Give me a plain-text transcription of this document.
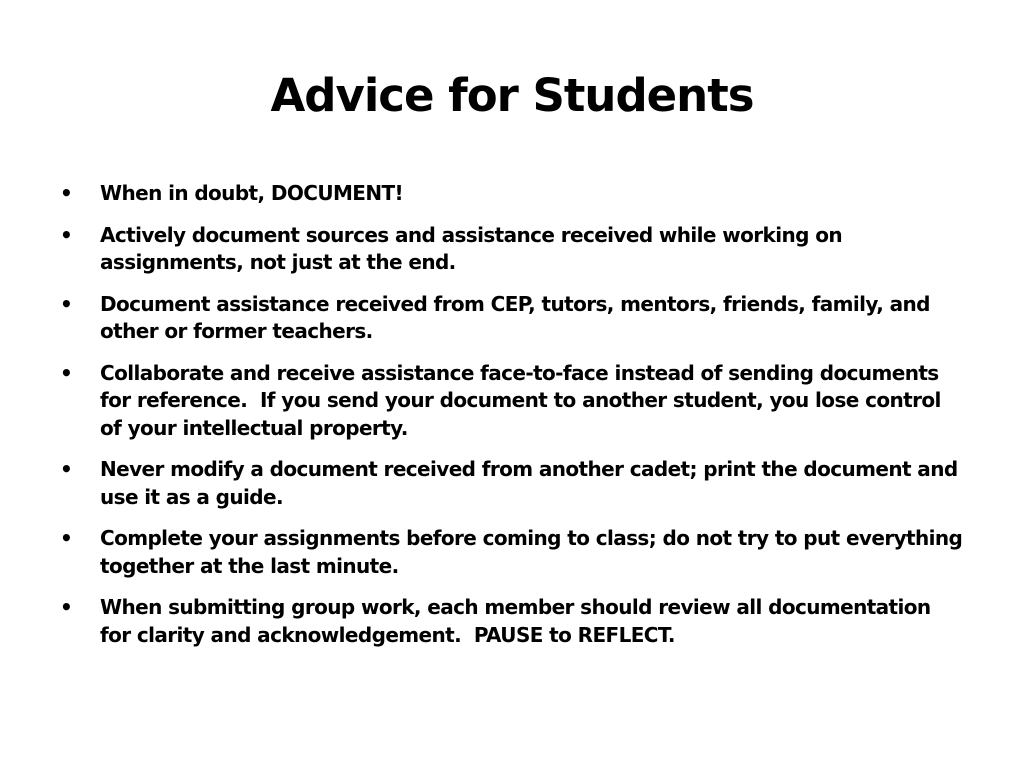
Advice for Students
•	When in doubt, DOCUMENT!
•	Actively document sources and assistance received while working on assignments, not just at the end.
•	Document assistance received from CEP, tutors, mentors, friends, family, and other or former teachers.
•	Collaborate and receive assistance face-to-face instead of sending documents for reference.  If you send your document to another student, you lose control of your intellectual property.
•	Never modify a document received from another cadet; print the document and use it as a guide.
•	Complete your assignments before coming to class; do not try to put everything together at the last minute.
•	When submitting group work, each member should review all documentation for clarity and acknowledgement.  PAUSE to REFLECT.
